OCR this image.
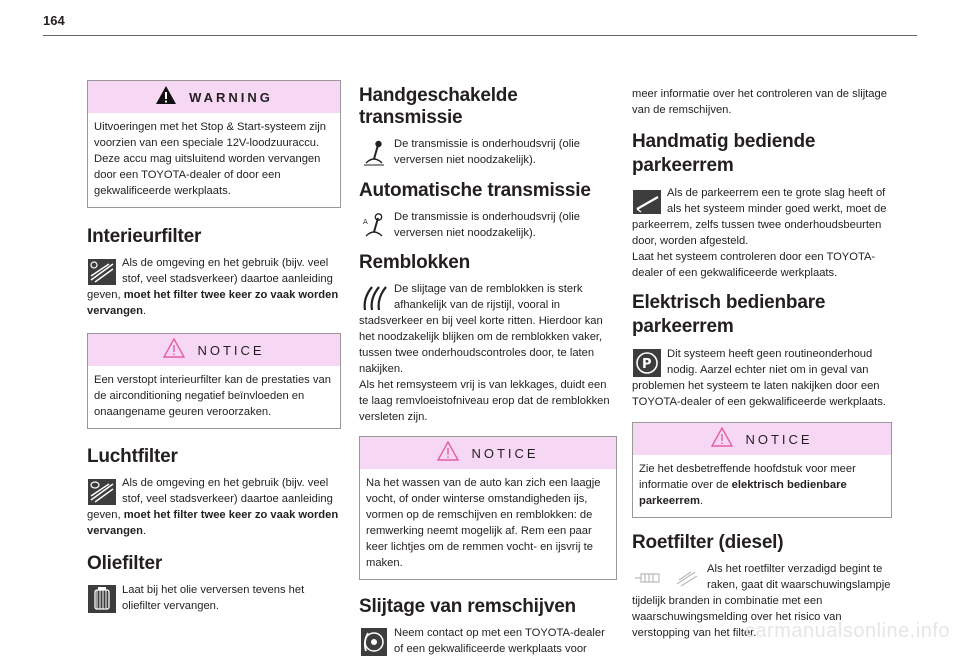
164
WARNING

Uitvoeringen met het Stop & Start-systeem zijn voorzien van een speciale 12V-loodzuuraccu. Deze accu mag uitsluitend worden vervangen door een TOYOTA-dealer of door een gekwalificeerde werkplaats.

Interieurfilter

Als de omgeving en het gebruik (bijv. veel stof, veel stadsverkeer) daartoe aanleiding geven, moet het filter twee keer zo vaak worden vervangen.

NOTICE

Een verstopt interieurfilter kan de prestaties van de airconditioning negatief beïnvloeden en onaangename geuren veroorzaken.

Luchtfilter

Als de omgeving en het gebruik (bijv. veel stof, veel stadsverkeer) daartoe aanleiding geven, moet het filter twee keer zo vaak worden vervangen.

Oliefilter

Laat bij het olie verversen tevens het oliefilter vervangen.

Handgeschakelde transmissie

De transmissie is onderhoudsvrij (olie verversen niet noodzakelijk).

Automatische transmissie
A	De transmissie is onderhoudsvrij (olie verversen niet noodzakelijk).

Remblokken

De slijtage van de remblokken is sterk afhankelijk van de rijstijl, vooral in stadsverkeer en bij veel korte ritten. Hierdoor kan het noodzakelijk blijken om de remblokken vaker, tussen twee onderhoudscontroles door, te laten nakijken.

Als het remsysteem vrij is van lekkages, duidt een te laag remvloeistofniveau erop dat de remblokken versleten zijn.

NOTICE

Na het wassen van de auto kan zich een laagje vocht, of onder winterse omstandigheden ijs, vormen op de remschijven en remblokken: de remwerking neemt mogelijk af. Rem een paar keer lichtjes om de remmen vocht- en ijsvrij te maken.

Slijtage van remschijven

Neem contact op met een TOYOTA-dealer of een gekwalificeerde werkplaats voor

meer informatie over het controleren van de slijtage van de remschijven.

Handmatig bediende parkeerrem

Als de parkeerrem een te grote slag heeft of als het systeem minder goed werkt, moet de parkeerrem, zelfs tussen twee onderhoudsbeurten door, worden afgesteld.

Laat het systeem controleren door een TOYOTA-dealer of een gekwalificeerde werkplaats.

Elektrisch bedienbare parkeerrem
P

Dit systeem heeft geen routineonderhoud nodig. Aarzel echter niet om in geval van problemen het systeem te laten nakijken door een TOYOTA-dealer of een gekwalificeerde werkplaats.

NOTICE

Zie het desbetreffende hoofdstuk voor meer informatie over de elektrisch bedienbare parkeerrem.

Roetfilter (diesel)

Als het roetfilter verzadigd begint te raken, gaat dit waarschuwingslampje tijdelijk branden in combinatie met een waarschuwingsmelding over het risico van verstopping van het filter.

carmanualsonline.info
